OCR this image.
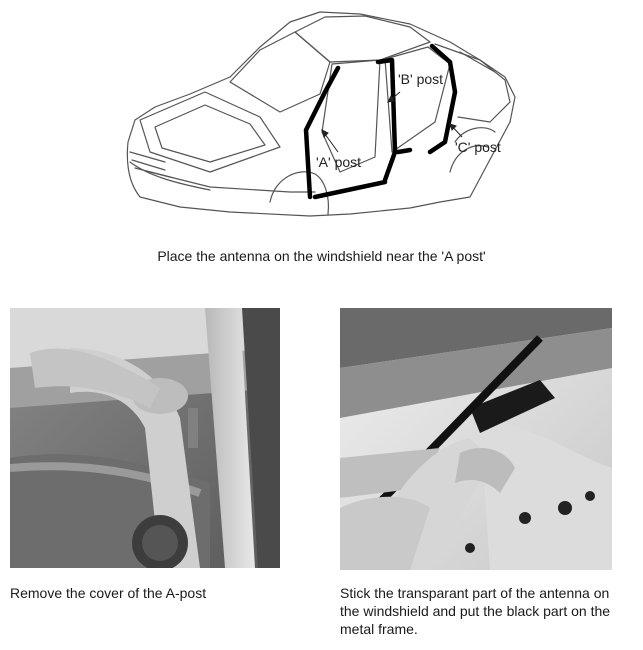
'A' post
'B' post
'C' post
Place the antenna on the windshield near the 'A post'
Remove the cover of the A-post	Stick the transparant part of the antenna on the windshield and put the black part on the metal frame.
